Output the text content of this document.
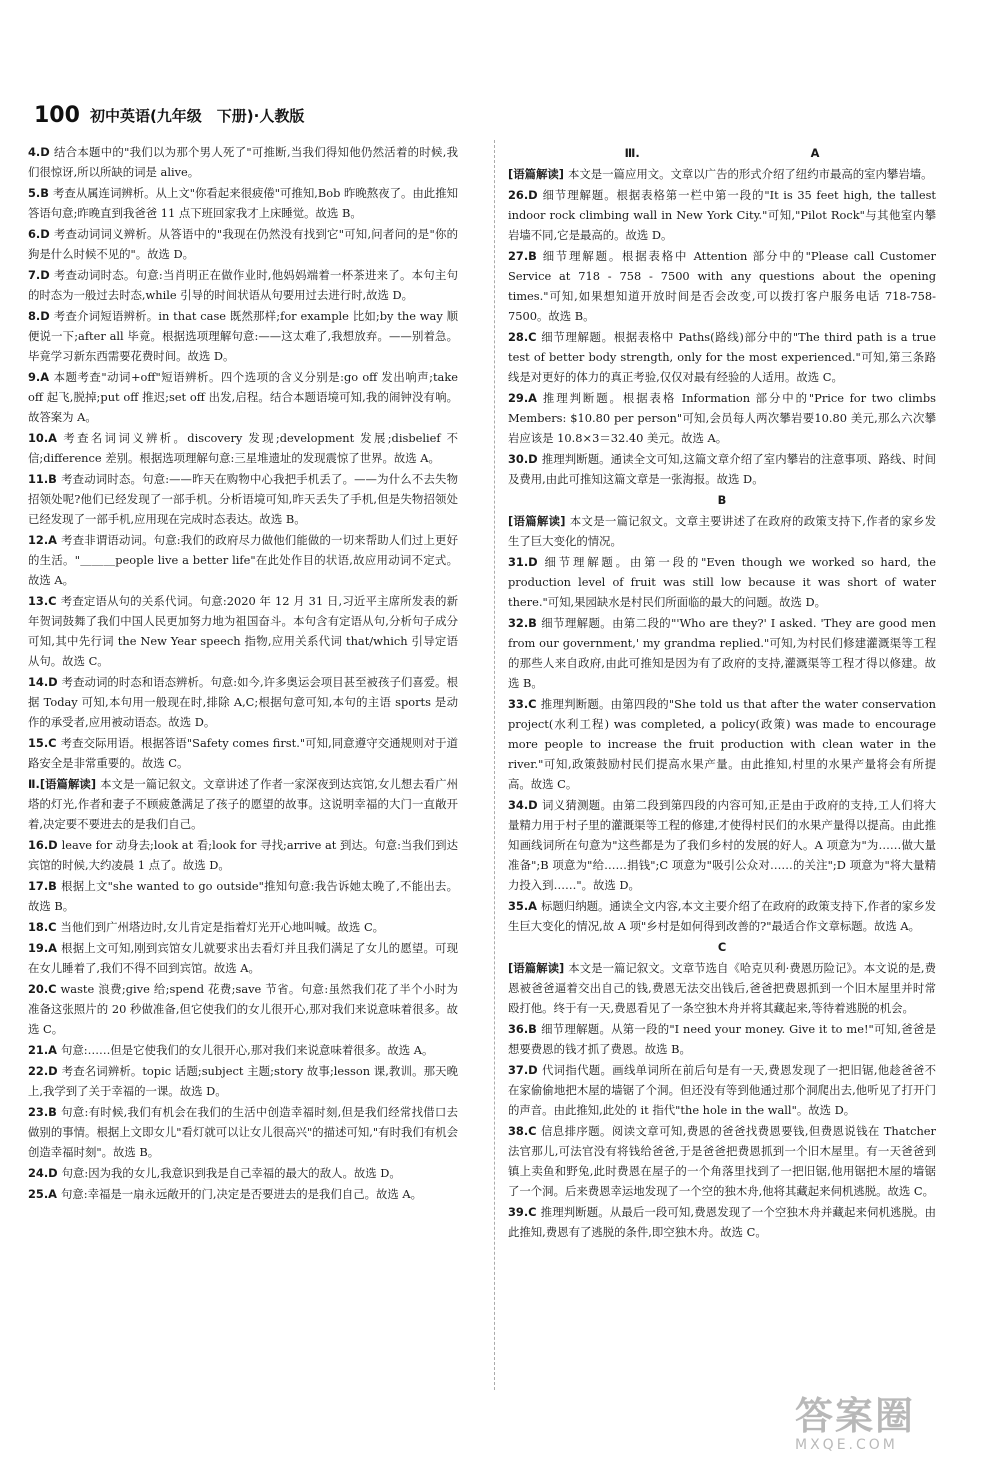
100 初中英语(九年级　下册)·人教版
4.D 结合本题中的"我们以为那个男人死了"可推断,当我们得知他仍然活着的时候,我们很惊讶,所以所缺的词是 alive。
5.B 考查从属连词辨析。从上文"你看起来很疲倦"可推知,Bob 昨晚熬夜了。由此推知答语句意;昨晚直到我爸爸 11 点下班回家我才上床睡觉。故选 B。
6.D 考查动词词义辨析。从答语中的"我现在仍然没有找到它"可知,问者问的是"你的狗是什么时候不见的"。故选 D。
7.D 考查动词时态。句意:当肖明正在做作业时,他妈妈端着一杯茶进来了。本句主句的时态为一般过去时态,while 引导的时间状语从句要用过去进行时,故选 D。
8.D 考查介词短语辨析。in that case 既然那样;for example 比如;by the way 顺便说一下;after all 毕竟。根据选项理解句意:——这太难了,我想放弃。——别着急。毕竟学习新东西需要花费时间。故选 D。
9.A 本题考查"动词+off"短语辨析。四个选项的含义分别是:go off 发出响声;take off 起飞,脱掉;put off 推迟;set off 出发,启程。结合本题语境可知,我的闹钟没有响。故答案为 A。
10.A 考查名词词义辨析。discovery 发现;development 发展;disbelief 不信;difference 差别。根据选项理解句意:三星堆遗址的发现震惊了世界。故选 A。
11.B 考查动词时态。句意:——昨天在购物中心我把手机丢了。——为什么不去失物招领处呢?他们已经发现了一部手机。分析语境可知,昨天丢失了手机,但是失物招领处已经发现了一部手机,应用现在完成时态表达。故选 B。
12.A 考查非谓语动词。句意:我们的政府尽力做他们能做的一切来帮助人们过上更好的生活。"＿＿＿people live a better life"在此处作目的状语,故应用动词不定式。故选 A。
13.C 考查定语从句的关系代词。句意:2020 年 12 月 31 日,习近平主席所发表的新年贺词鼓舞了我们中国人民更加努力地为祖国奋斗。本句含有定语从句,分析句子成分可知,其中先行词 the New Year speech 指物,应用关系代词 that/which 引导定语从句。故选 C。
14.D 考查动词的时态和语态辨析。句意:如今,许多奥运会项目甚至被孩子们喜爱。根据 Today 可知,本句用一般现在时,排除 A,C;根据句意可知,本句的主语 sports 是动作的承受者,应用被动语态。故选 D。
15.C 考查交际用语。根据答语"Safety comes first."可知,同意遵守交通规则对于道路安全是非常重要的。故选 C。
Ⅱ.[语篇解读] 本文是一篇记叙文。文章讲述了作者一家深夜到达宾馆,女儿想去看广州塔的灯光,作者和妻子不顾疲惫满足了孩子的愿望的故事。这说明幸福的大门一直敞开着,决定要不要进去的是我们自己。
16.D leave for 动身去;look at 看;look for 寻找;arrive at 到达。句意:当我们到达宾馆的时候,大约凌晨 1 点了。故选 D。
17.B 根据上文"she wanted to go outside"推知句意:我告诉她太晚了,不能出去。故选 B。
18.C 当他们到广州塔边时,女儿肯定是指着灯光开心地叫喊。故选 C。
19.A 根据上文可知,刚到宾馆女儿就要求出去看灯并且我们满足了女儿的愿望。可现在女儿睡着了,我们不得不回到宾馆。故选 A。
20.C waste 浪费;give 给;spend 花费;save 节省。句意:虽然我们花了半个小时为准备这张照片的 20 秒做准备,但它使我们的女儿很开心,那对我们来说意味着很多。故选 C。
21.A 句意:……但是它使我们的女儿很开心,那对我们来说意味着很多。故选 A。
22.D 考查名词辨析。topic 话题;subject 主题;story 故事;lesson 课,教训。那天晚上,我学到了关于幸福的一课。故选 D。
23.B 句意:有时候,我们有机会在我们的生活中创造幸福时刻,但是我们经常找借口去做别的事情。根据上文即女儿"看灯就可以让女儿很高兴"的描述可知,"有时我们有机会创造幸福时刻"。故选 B。
24.D 句意:因为我的女儿,我意识到我是自己幸福的最大的敌人。故选 D。
25.A 句意:幸福是一扇永远敞开的门,决定是否要进去的是我们自己。故选 A。
Ⅲ.　　　　　　　　　　　　　　　A
[语篇解读] 本文是一篇应用文。文章以广告的形式介绍了纽约市最高的室内攀岩墙。
26.D 细节理解题。根据表格第一栏中第一段的"It is 35 feet high, the tallest indoor rock climbing wall in New York City."可知,"Pilot Rock"与其他室内攀岩墙不同,它是最高的。故选 D。
27.B 细节理解题。根据表格中 Attention 部分中的"Please call Customer Service at 718 - 758 - 7500 with any questions about the opening times."可知,如果想知道开放时间是否会改变,可以拨打客户服务电话 718-758-7500。故选 B。
28.C 细节理解题。根据表格中 Paths(路线)部分中的"The third path is a true test of better body strength, only for the most experienced."可知,第三条路线是对更好的体力的真正考验,仅仅对最有经验的人适用。故选 C。
29.A 推理判断题。根据表格 Information 部分中的"Price for two climbs Members: $10.80 per person"可知,会员每人两次攀岩要10.80 美元,那么六次攀岩应该是 10.8×3＝32.40 美元。故选 A。
30.D 推理判断题。通读全文可知,这篇文章介绍了室内攀岩的注意事项、路线、时间及费用,由此可推知这篇文章是一张海报。故选 D。
B
[语篇解读] 本文是一篇记叙文。文章主要讲述了在政府的政策支持下,作者的家乡发生了巨大变化的情况。
31.D 细节理解题。由第一段的"Even though we worked so hard, the production level of fruit was still low because it was short of water there."可知,果园缺水是村民们所面临的最大的问题。故选 D。
32.B 细节理解题。由第二段的"'Who are they?' I asked. 'They are good men from our government,' my grandma replied."可知,为村民们修建灌溉渠等工程的那些人来自政府,由此可推知是因为有了政府的支持,灌溉渠等工程才得以修建。故选 B。
33.C 推理判断题。由第四段的"She told us that after the water conservation project(水利工程) was completed, a policy(政策) was made to encourage more people to increase the fruit production with clean water in the river."可知,政策鼓励村民们提高水果产量。由此推知,村里的水果产量将会有所提高。故选 C。
34.D 词义猜测题。由第二段到第四段的内容可知,正是由于政府的支持,工人们将大量精力用于村子里的灌溉渠等工程的修建,才使得村民们的水果产量得以提高。由此推知画线词所在句意为"这些都是为了我们乡村的发展的好人。A 项意为"为……做大量准备";B 项意为"给……捐钱";C 项意为"吸引公众对……的关注";D 项意为"将大量精力投入到……"。故选 D。
35.A 标题归纳题。通读全文内容,本文主要介绍了在政府的政策支持下,作者的家乡发生巨大变化的情况,故 A 项"乡村是如何得到改善的?"最适合作文章标题。故选 A。
C
[语篇解读] 本文是一篇记叙文。文章节选自《哈克贝利·费恩历险记》。本文说的是,费恩被爸爸逼着交出自己的钱,费恩无法交出钱后,爸爸把费恩抓到一个旧木屋里并时常殴打他。终于有一天,费恩看见了一条空独木舟并将其藏起来,等待着逃脱的机会。
36.B 细节理解题。从第一段的"I need your money. Give it to me!"可知,爸爸是想要费恩的钱才抓了费恩。故选 B。
37.D 代词指代题。画线单词所在前后句是有一天,费恩发现了一把旧锯,他趁爸爸不在家偷偷地把木屋的墙锯了个洞。但还没有等到他通过那个洞爬出去,他听见了打开门的声音。由此推知,此处的 it 指代"the hole in the wall"。故选 D。
38.C 信息排序题。阅读文章可知,费恩的爸爸找费恩要钱,但费恩说钱在 Thatcher 法官那儿,可法官没有将钱给爸爸,于是爸爸把费恩抓到一个旧木屋里。有一天爸爸到镇上卖鱼和野兔,此时费恩在屋子的一个角落里找到了一把旧锯,他用锯把木屋的墙锯了一个洞。后来费恩幸运地发现了一个空的独木舟,他将其藏起来伺机逃脱。故选 C。
39.C 推理判断题。从最后一段可知,费恩发现了一个空独木舟并藏起来伺机逃脱。由此推知,费恩有了逃脱的条件,即空独木舟。故选 C。
答案圈
MXQE.COM
